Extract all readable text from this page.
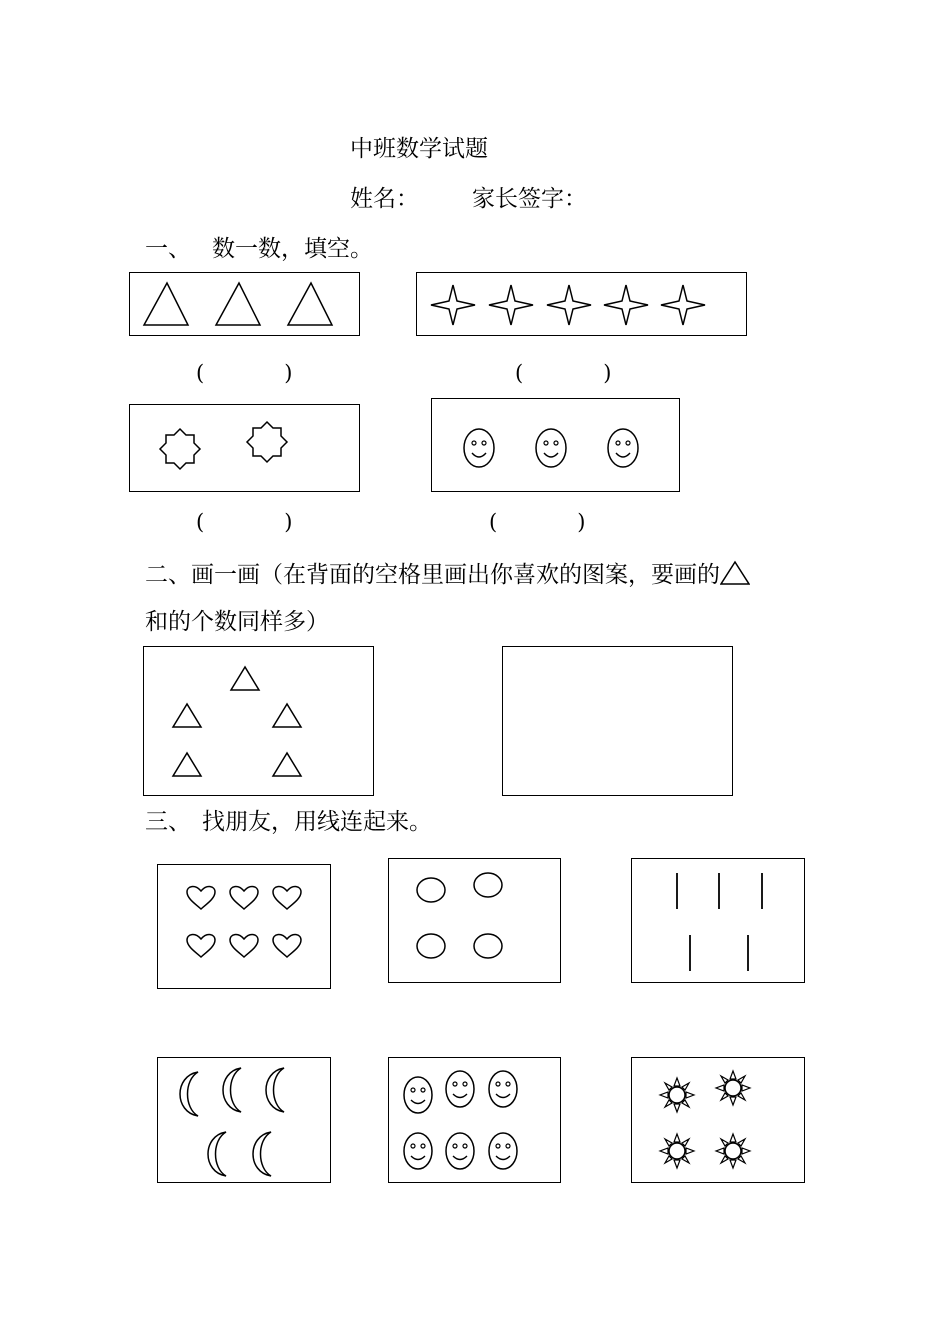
中班数学试题
姓名： 家长签字：
一、 数一数，填空。
(	)	(	)
(	)	(	)
二、画一画（在背面的空格里画出你喜欢的图案，要画的
和的个数同样多）
三、 找朋友，用线连起来。
